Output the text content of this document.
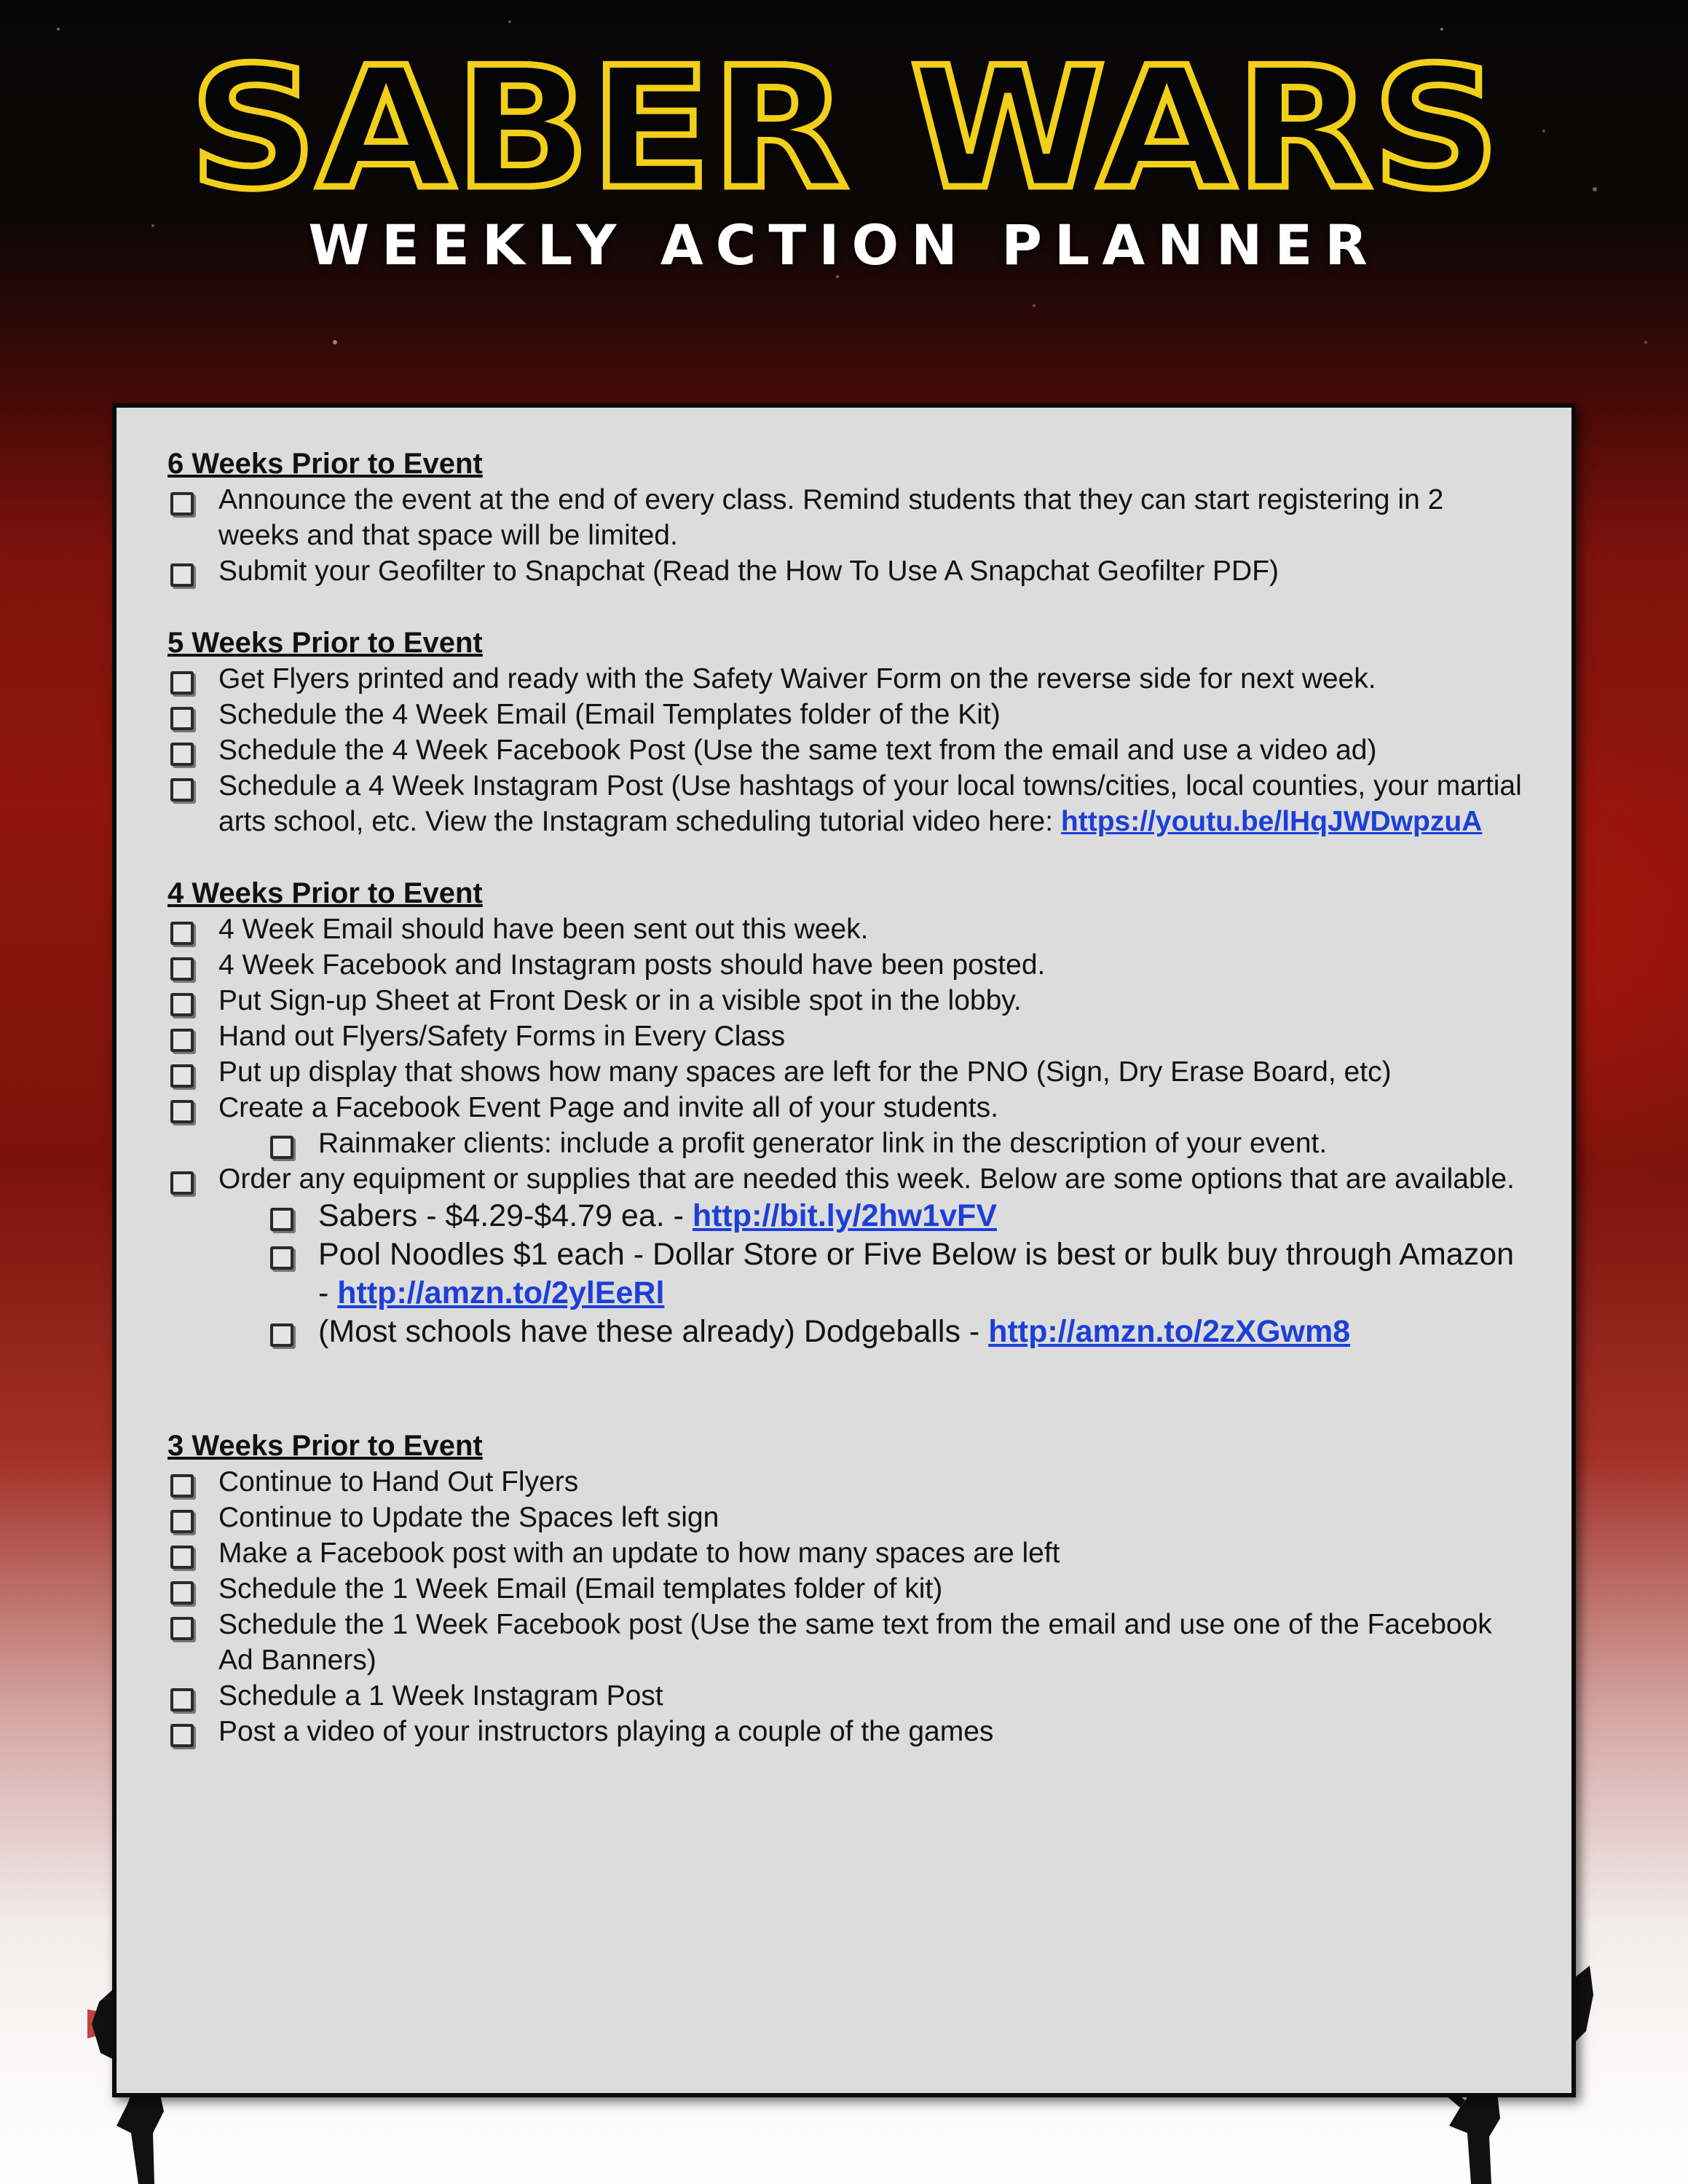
SABER WARS
WEEKLY ACTION PLANNER
6 Weeks Prior to Event
Announce the event at the end of every class. Remind students that they can start registering in 2 weeks and that space will be limited.
Submit your Geofilter to Snapchat (Read the How To Use A Snapchat Geofilter PDF)
5 Weeks Prior to Event
Get Flyers printed and ready with the Safety Waiver Form on the reverse side for next week.
Schedule the 4 Week Email (Email Templates folder of the Kit)
Schedule the 4 Week Facebook Post (Use the same text from the email and use a video ad)
Schedule a 4 Week Instagram Post (Use hashtags of your local towns/cities, local counties, your martial arts school, etc. View the Instagram scheduling tutorial video here: https://youtu.be/lHqJWDwpzuA
4 Weeks Prior to Event
4 Week Email should have been sent out this week.
4 Week Facebook and Instagram posts should have been posted.
Put Sign-up Sheet at Front Desk or in a visible spot in the lobby.
Hand out Flyers/Safety Forms in Every Class
Put up display that shows how many spaces are left for the PNO (Sign, Dry Erase Board, etc)
Create a Facebook Event Page and invite all of your students.
Rainmaker clients: include a profit generator link in the description of your event.
Order any equipment or supplies that are needed this week. Below are some options that are available.
Sabers - $4.29-$4.79 ea. - http://bit.ly/2hw1vFV
Pool Noodles $1 each - Dollar Store or Five Below is best or bulk buy through Amazon - http://amzn.to/2ylEeRl
(Most schools have these already) Dodgeballs - http://amzn.to/2zXGwm8
3 Weeks Prior to Event
Continue to Hand Out Flyers
Continue to Update the Spaces left sign
Make a Facebook post with an update to how many spaces are left
Schedule the 1 Week Email (Email templates folder of kit)
Schedule the 1 Week Facebook post (Use the same text from the email and use one of the Facebook Ad Banners)
Schedule a 1 Week Instagram Post
Post a video of your instructors playing a couple of the games
